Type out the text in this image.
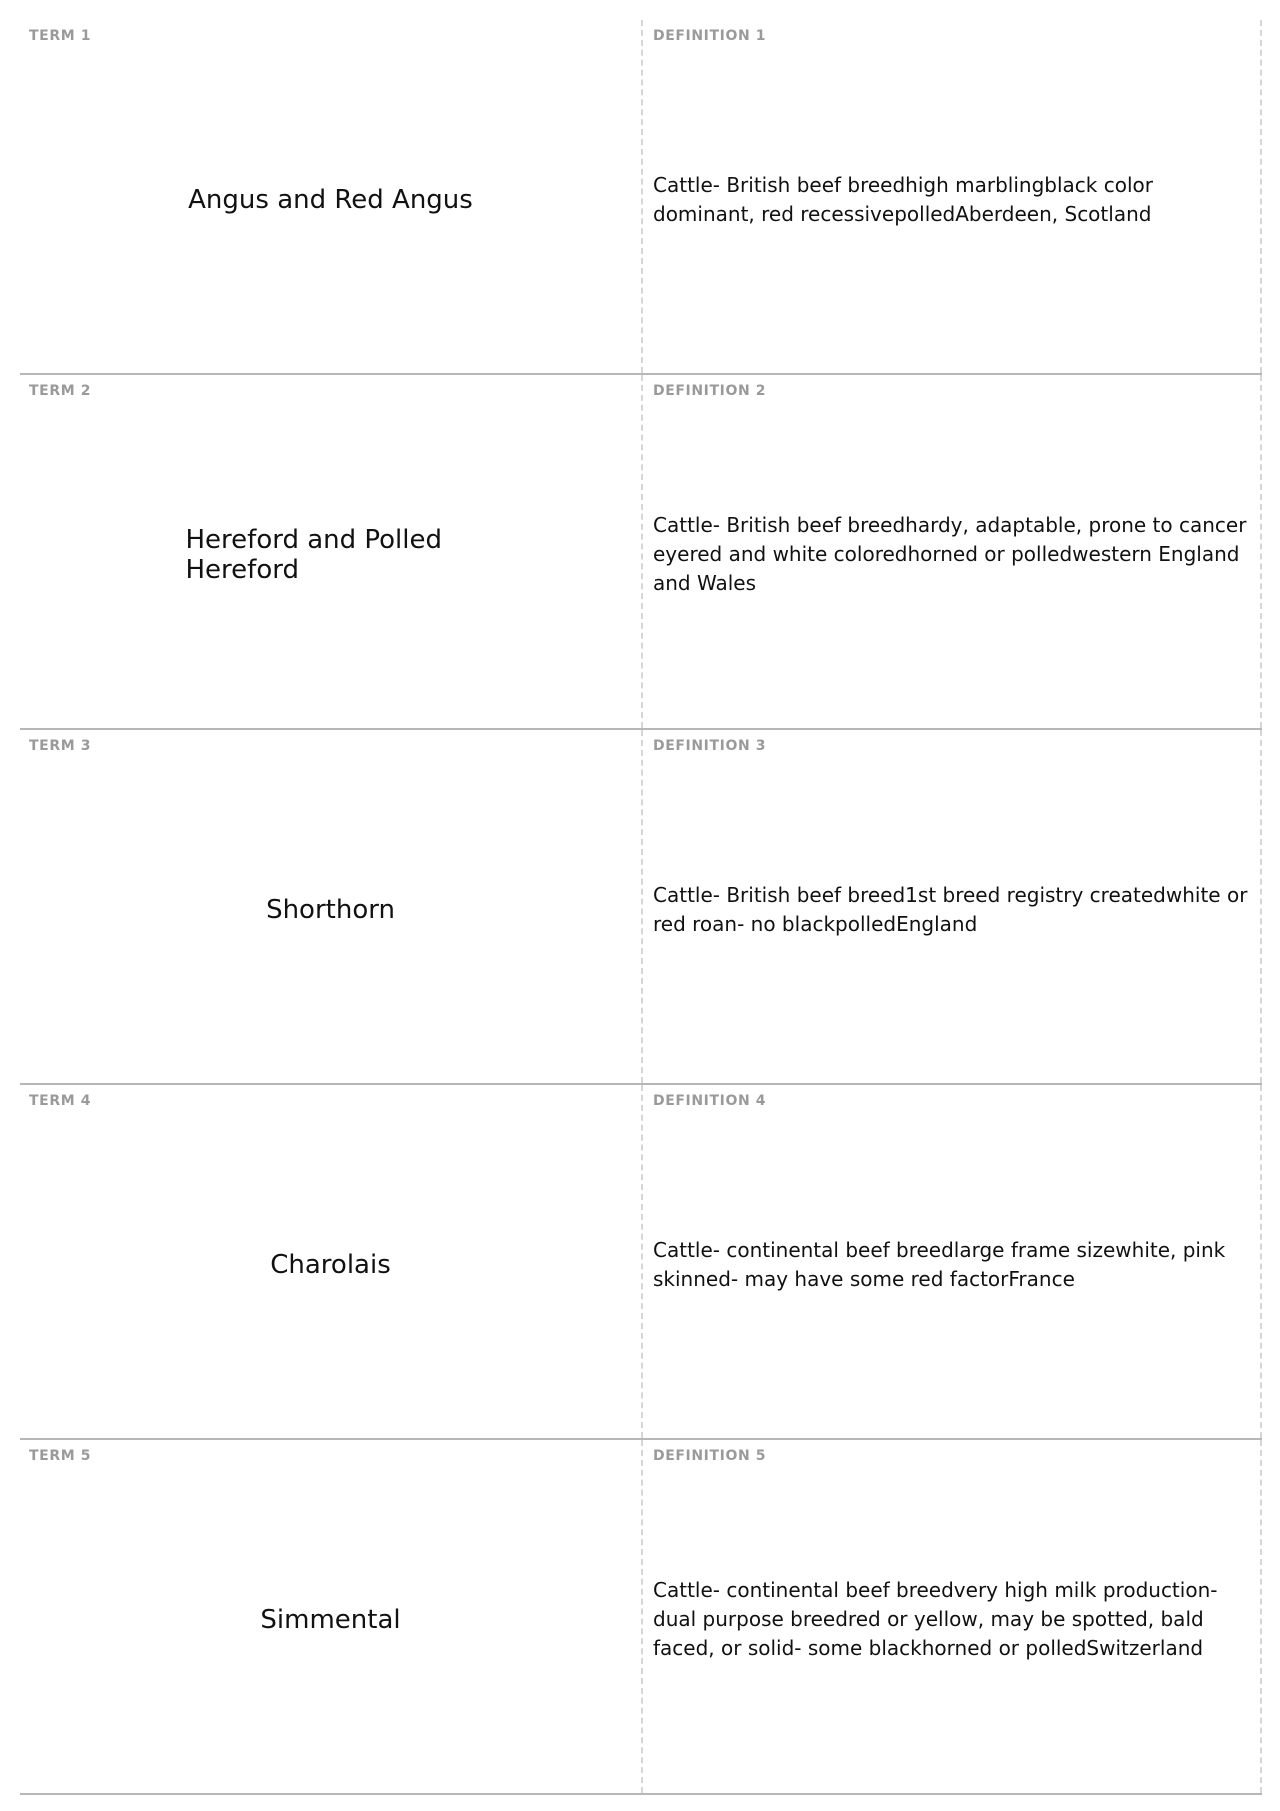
TERM 1
Angus and Red Angus
DEFINITION 1
Cattle- British beef breedhigh marblingblack color dominant, red recessivepolledAberdeen, Scotland
TERM 2
Hereford and Polled Hereford
DEFINITION 2
Cattle- British beef breedhardy, adaptable, prone to cancer eyered and white coloredhorned or polledwestern England and Wales
TERM 3
Shorthorn
DEFINITION 3
Cattle- British beef breed1st breed registry createdwhite or red roan- no blackpolledEngland
TERM 4
Charolais
DEFINITION 4
Cattle- continental beef breedlarge frame sizewhite, pink skinned- may have some red factorFrance
TERM 5
Simmental
DEFINITION 5
Cattle- continental beef breedvery high milk production- dual purpose breedred or yellow, may be spotted, bald faced, or solid- some blackhorned or polledSwitzerland
